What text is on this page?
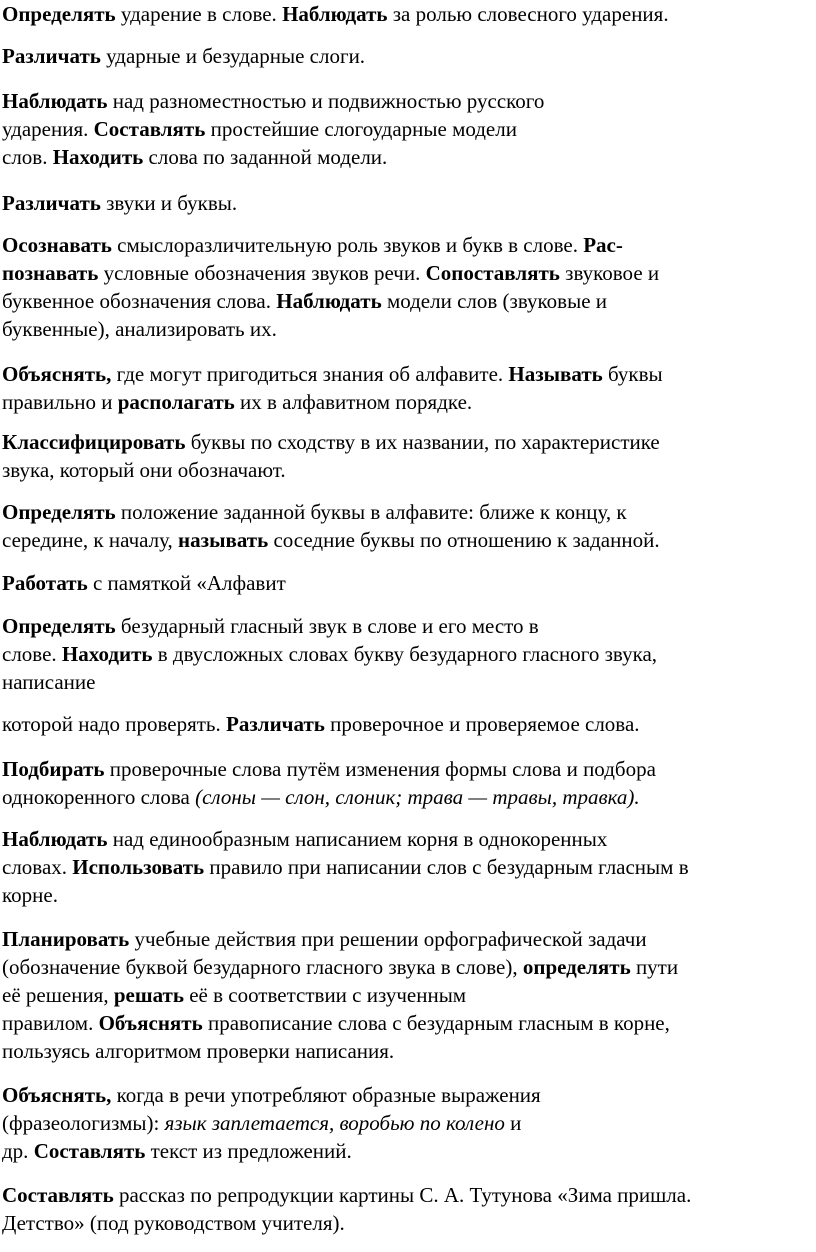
Определять ударение в слове. Наблюдать за ролью словесного ударения.
Различать ударные и безударные слоги.
Наблюдать над разноместностью и подвижностью русского
ударения. Составлять простейшие слогоударные модели
слов. Находить слова по заданной модели.
Различать звуки и буквы.
Осознавать смыслоразличительную роль звуков и букв в слове. Рас-
познавать условные обозначения звуков речи. Сопоставлять звуковое и
буквенное обозначения слова. Наблюдать модели слов (звуковые и
буквенные), анализировать их.
Объяснять, где могут пригодиться знания об алфавите. Называть буквы
правильно и располагать их в алфавитном порядке.
Классифицировать буквы по сходству в их названии, по характеристике
звука, который они обозначают.
Определять положение заданной буквы в алфавите: ближе к концу, к
середине, к началу, называть соседние буквы по отношению к заданной.
Работать с памяткой «Алфавит
Определять безударный гласный звук в слове и его место в
слове. Находить в двусложных словах букву безударного гласного звука,
написание
которой надо проверять. Различать проверочное и проверяемое слова.
Подбирать проверочные слова путём изменения формы слова и подбора
однокоренного слова (слоны — слон, слоник; трава — травы, травка).
Наблюдать над единообразным написанием корня в однокоренных
словах. Использовать правило при написании слов с безударным гласным в
корне.
Планировать учебные действия при решении орфографической задачи
(обозначение буквой безударного гласного звука в слове), определять пути
её решения, решать её в соответствии с изученным
правилом. Объяснять правописание слова с безударным гласным в корне,
пользуясь алгоритмом проверки написания.
Объяснять, когда в речи употребляют образные выражения
(фразеологизмы): язык заплетается, воробью по колено и
др. Составлять текст из предложений.
Составлять рассказ по репродукции картины С. А. Тутунова «Зима пришла.
Детство» (под руководством учителя).
